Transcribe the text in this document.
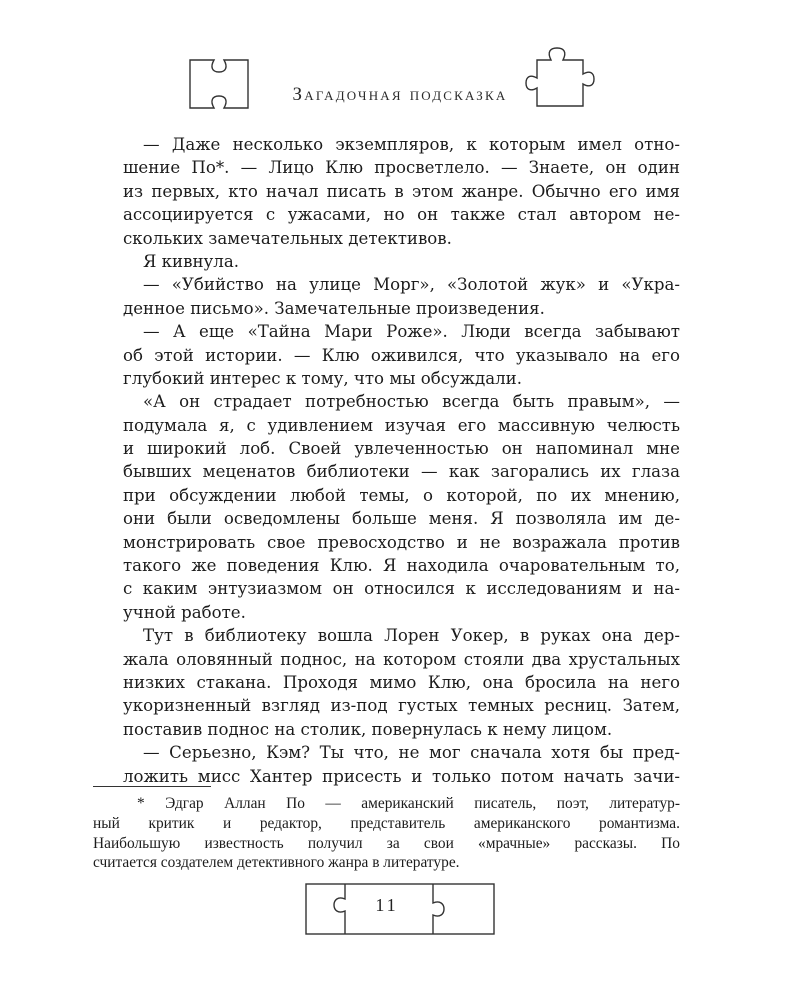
Загадочная подсказка
— Даже несколько экземпляров, к которым имел отно-
шение По*. — Лицо Клю просветлело. — Знаете, он один
из первых, кто начал писать в этом жанре. Обычно его имя
ассоциируется с ужасами, но он также стал автором не-
скольких замечательных детективов.
Я кивнула.
— «Убийство на улице Морг», «Золотой жук» и «Укра-
денное письмо». Замечательные произведения.
— А еще «Тайна Мари Роже». Люди всегда забывают
об этой истории. — Клю оживился, что указывало на его
глубокий интерес к тому, что мы обсуждали.
«А он страдает потребностью всегда быть правым», —
подумала я, с удивлением изучая его массивную челюсть
и широкий лоб. Своей увлеченностью он напоминал мне
бывших меценатов библиотеки — как загорались их глаза
при обсуждении любой темы, о которой, по их мнению,
они были осведомлены больше меня. Я позволяла им де-
монстрировать свое превосходство и не возражала против
такого же поведения Клю. Я находила очаровательным то,
с каким энтузиазмом он относился к исследованиям и на-
учной работе.
Тут в библиотеку вошла Лорен Уокер, в руках она дер-
жала оловянный поднос, на котором стояли два хрустальных
низких стакана. Проходя мимо Клю, она бросила на него
укоризненный взгляд из-под густых темных ресниц. Затем,
поставив поднос на столик, повернулась к нему лицом.
— Серьезно, Кэм? Ты что, не мог сначала хотя бы пред-
ложить мисс Хантер присесть и только потом начать зачи-
* Эдгар Аллан По — американский писатель, поэт, литератур-
ный критик и редактор, представитель американского романтизма.
Наибольшую известность получил за свои «мрачные» рассказы. По
считается создателем детективного жанра в литературе.
11
